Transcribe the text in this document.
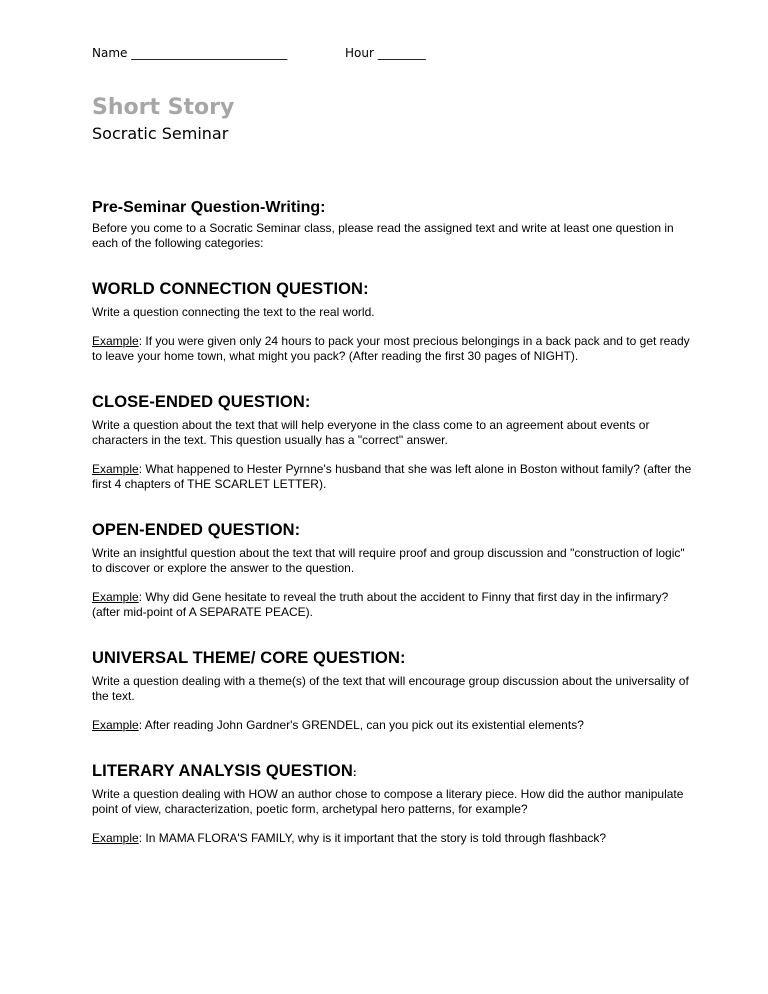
Name __________________________	Hour ________
Short Story

Socratic Seminar

Pre-Seminar Question-Writing:

Before you come to a Socratic Seminar class, please read the assigned text and write at least one question in each of the following categories:

WORLD CONNECTION QUESTION:

Write a question connecting the text to the real world.

Example: If you were given only 24 hours to pack your most precious belongings in a back pack and to get ready to leave your home town, what might you pack? (After reading the first 30 pages of NIGHT).

CLOSE-ENDED QUESTION:

Write a question about the text that will help everyone in the class come to an agreement about events or characters in the text. This question usually has a "correct" answer.

Example: What happened to Hester Pyrnne's husband that she was left alone in Boston without family? (after the first 4 chapters of THE SCARLET LETTER).

OPEN-ENDED QUESTION:

Write an insightful question about the text that will require proof and group discussion and "construction of logic" to discover or explore the answer to the question.

Example: Why did Gene hesitate to reveal the truth about the accident to Finny that first day in the infirmary? (after mid-point of A SEPARATE PEACE).

UNIVERSAL THEME/ CORE QUESTION:

Write a question dealing with a theme(s) of the text that will encourage group discussion about the universality of the text.

Example: After reading John Gardner's GRENDEL, can you pick out its existential elements?

LITERARY ANALYSIS QUESTION:

Write a question dealing with HOW an author chose to compose a literary piece. How did the author manipulate point of view, characterization, poetic form, archetypal hero patterns, for example?

Example: In MAMA FLORA'S FAMILY, why is it important that the story is told through flashback?
